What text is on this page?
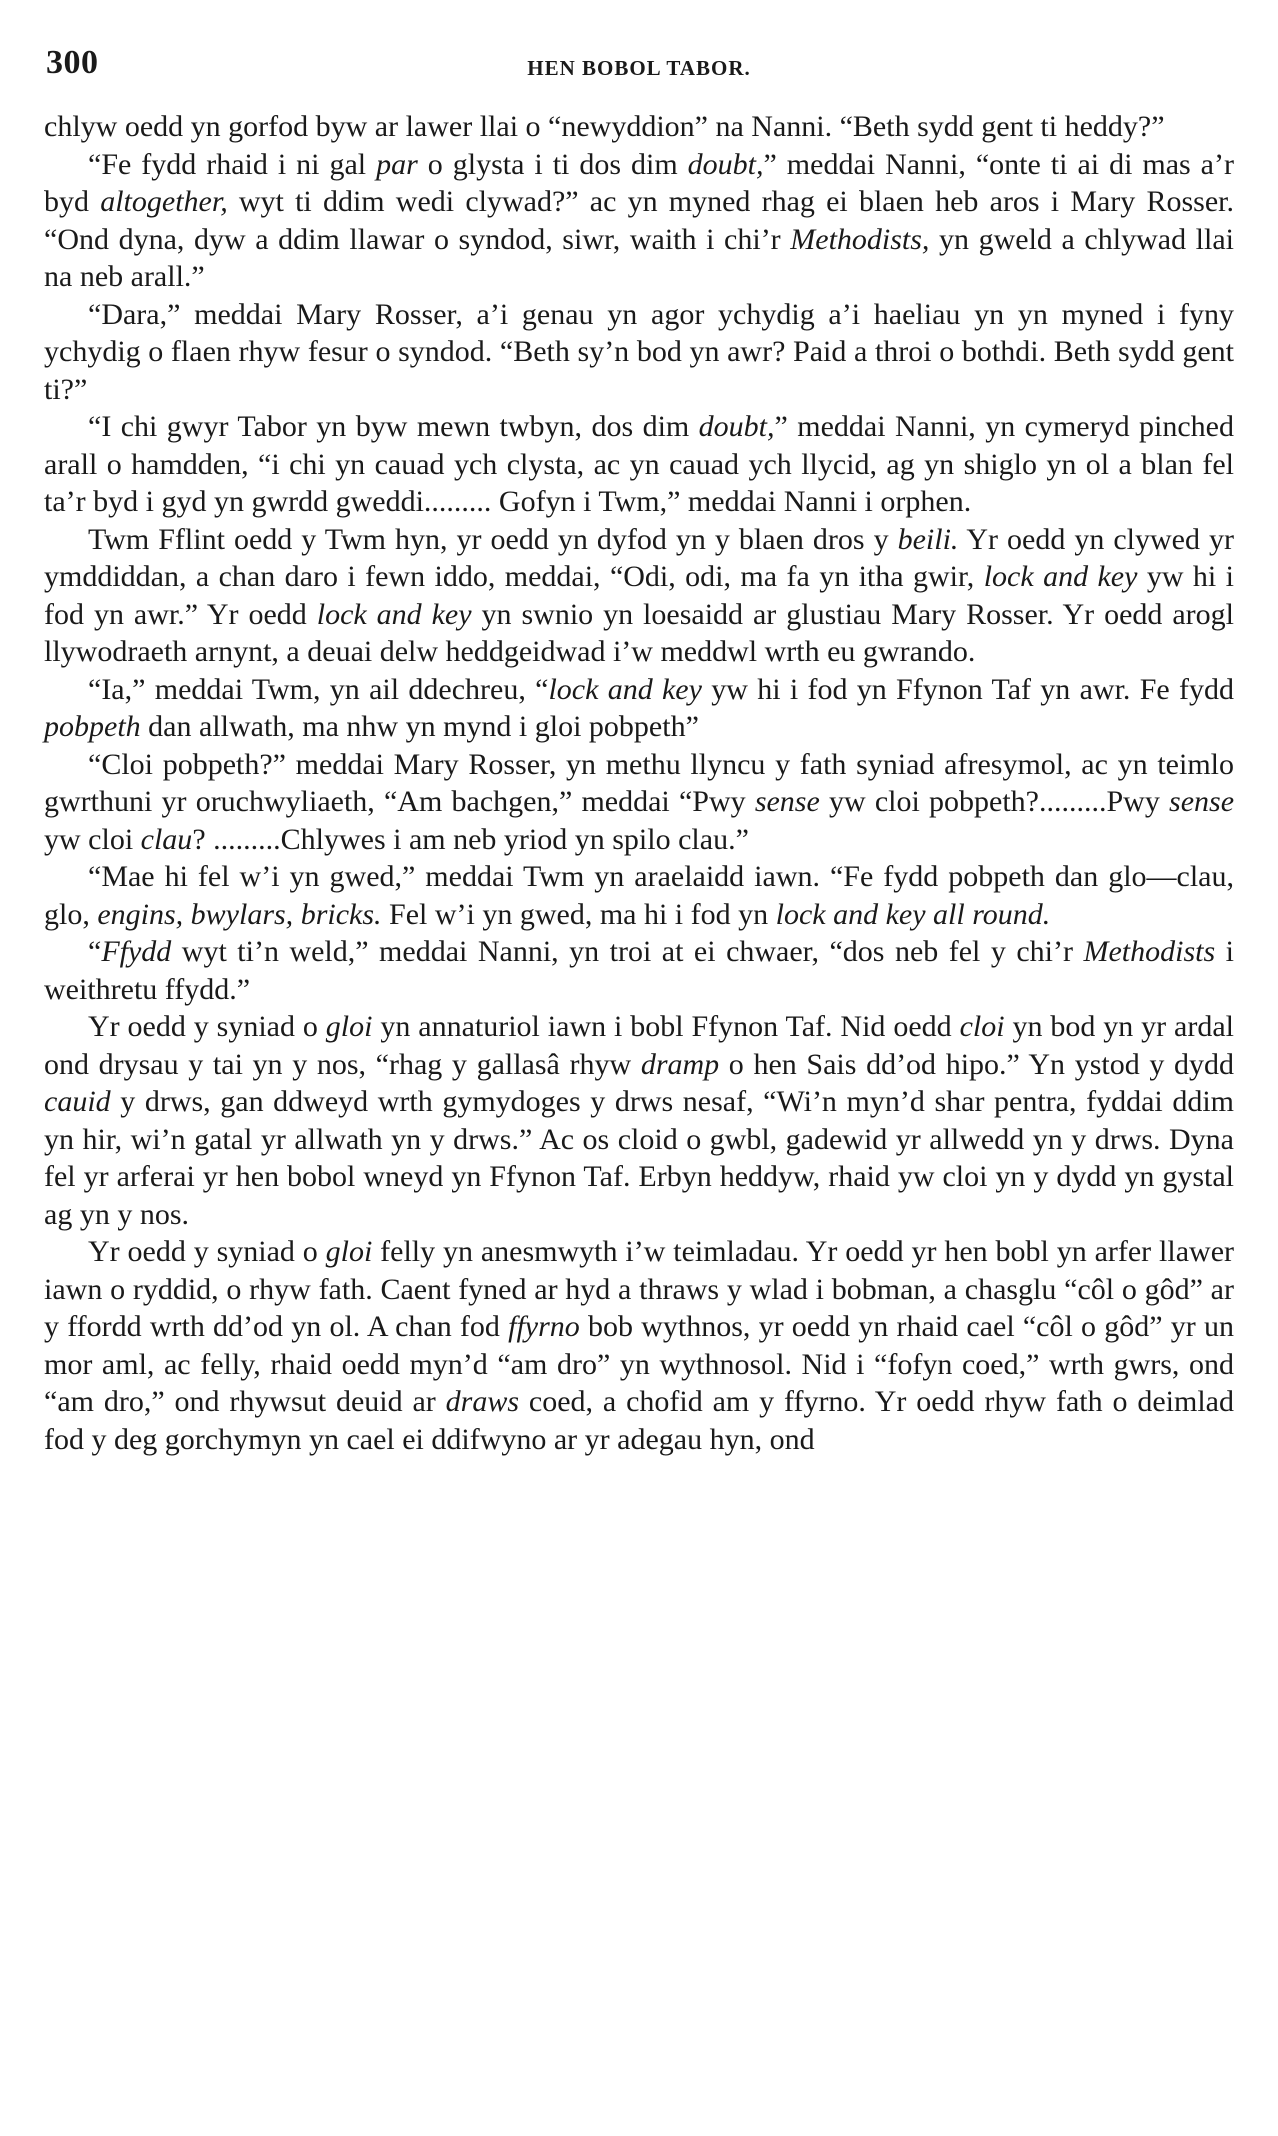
300	HEN BOBOL TABOR.

chlyw oedd yn gorfod byw ar lawer llai o “newyddion” na Nanni. “Beth sydd gent ti heddy?”

“Fe fydd rhaid i ni gal par o glysta i ti dos dim doubt,” meddai Nanni, “onte ti ai di mas a’r byd altogether, wyt ti ddim wedi clywad?” ac yn myned rhag ei blaen heb aros i Mary Rosser. “Ond dyna, dyw a ddim llawar o syndod, siwr, waith i chi’r Methodists, yn gweld a chlywad llai na neb arall.”

“Dara,” meddai Mary Rosser, a’i genau yn agor ychydig a’i haeliau yn yn myned i fyny ychydig o flaen rhyw fesur o syndod. “Beth sy’n bod yn awr? Paid a throi o bothdi. Beth sydd gent ti?”

“I chi gwyr Tabor yn byw mewn twbyn, dos dim doubt,” meddai Nanni, yn cymeryd pinched arall o hamdden, “i chi yn cauad ych clysta, ac yn cauad ych llycid, ag yn shiglo yn ol a blan fel ta’r byd i gyd yn gwrdd gweddi......... Gofyn i Twm,” meddai Nanni i orphen.

Twm Fflint oedd y Twm hyn, yr oedd yn dyfod yn y blaen dros y beili. Yr oedd yn clywed yr ymddiddan, a chan daro i fewn iddo, meddai, “Odi, odi, ma fa yn itha gwir, lock and key yw hi i fod yn awr.” Yr oedd lock and key yn swnio yn loesaidd ar glustiau Mary Rosser. Yr oedd arogl llywodraeth arnynt, a deuai delw heddgeidwad i’w meddwl wrth eu gwrando.

“Ia,” meddai Twm, yn ail ddechreu, “lock and key yw hi i fod yn Ffynon Taf yn awr. Fe fydd pobpeth dan allwath, ma nhw yn mynd i gloi pobpeth”

“Cloi pobpeth?” meddai Mary Rosser, yn methu llyncu y fath syniad afresymol, ac yn teimlo gwrthuni yr oruchwyliaeth, “Am bachgen,” meddai “Pwy sense yw cloi pobpeth?.........Pwy sense yw cloi clau? .........Chlywes i am neb yriod yn spilo clau.”

“Mae hi fel w’i yn gwed,” meddai Twm yn araelaidd iawn. “Fe fydd pobpeth dan glo—clau, glo, engins, bwylars, bricks. Fel w’i yn gwed, ma hi i fod yn lock and key all round.

“Ffydd wyt ti’n weld,” meddai Nanni, yn troi at ei chwaer, “dos neb fel y chi’r Methodists i weithretu ffydd.”

Yr oedd y syniad o gloi yn annaturiol iawn i bobl Ffynon Taf. Nid oedd cloi yn bod yn yr ardal ond drysau y tai yn y nos, “rhag y gallasâ rhyw dramp o hen Sais dd’od hipo.” Yn ystod y dydd cauid y drws, gan ddweyd wrth gymydoges y drws nesaf, “Wi’n myn’d shar pentra, fyddai ddim yn hir, wi’n gatal yr allwath yn y drws.” Ac os cloid o gwbl, gadewid yr allwedd yn y drws. Dyna fel yr arferai yr hen bobol wneyd yn Ffynon Taf. Erbyn heddyw, rhaid yw cloi yn y dydd yn gystal ag yn y nos.

Yr oedd y syniad o gloi felly yn anesmwyth i’w teimladau. Yr oedd yr hen bobl yn arfer llawer iawn o ryddid, o rhyw fath. Caent fyned ar hyd a thraws y wlad i bobman, a chasglu “côl o gôd” ar y ffordd wrth dd’od yn ol. A chan fod ffyrno bob wythnos, yr oedd yn rhaid cael “côl o gôd” yr un mor aml, ac felly, rhaid oedd myn’d “am dro” yn wythnosol. Nid i “fofyn coed,” wrth gwrs, ond “am dro,” ond rhywsut deuid ar draws coed, a chofid am y ffyrno. Yr oedd rhyw fath o deimlad fod y deg gorchymyn yn cael ei ddifwyno ar yr adegau hyn, ond
